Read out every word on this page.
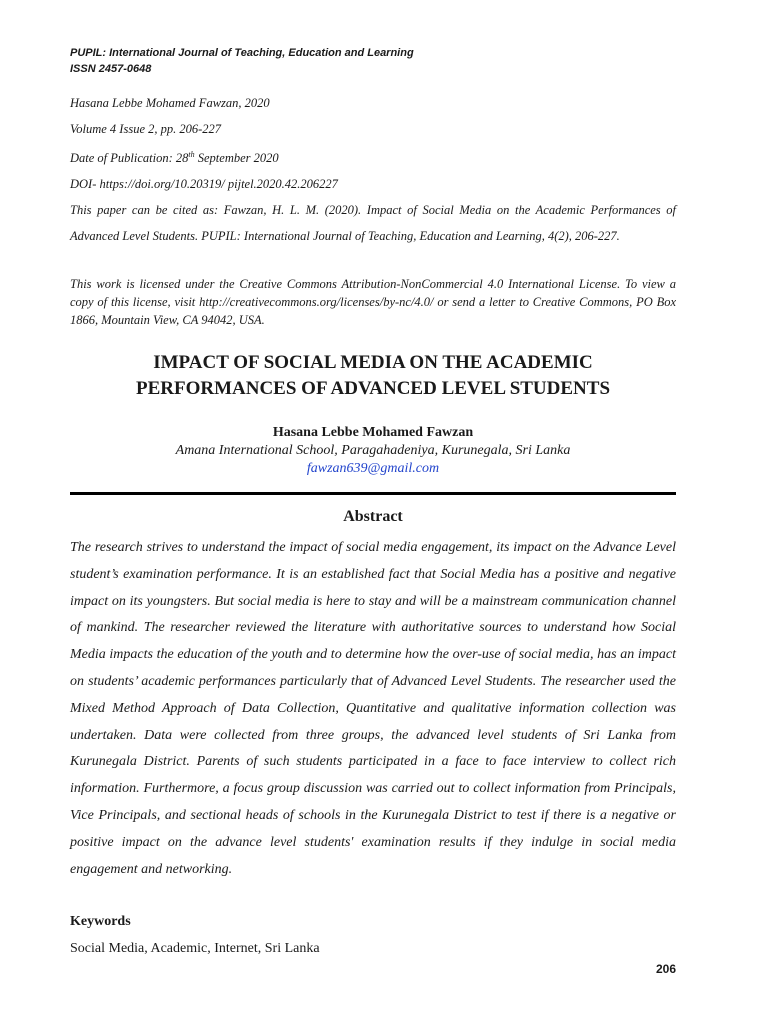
PUPIL: International Journal of Teaching, Education and Learning
ISSN 2457-0648
Hasana Lebbe Mohamed Fawzan, 2020
Volume 4 Issue 2, pp. 206-227
Date of Publication: 28th September 2020
DOI- https://doi.org/10.20319/ pijtel.2020.42.206227
This paper can be cited as: Fawzan, H. L. M. (2020). Impact of Social Media on the Academic Performances of Advanced Level Students. PUPIL: International Journal of Teaching, Education and Learning, 4(2), 206-227.
This work is licensed under the Creative Commons Attribution-NonCommercial 4.0 International License. To view a copy of this license, visit http://creativecommons.org/licenses/by-nc/4.0/ or send a letter to Creative Commons, PO Box 1866, Mountain View, CA 94042, USA.
IMPACT OF SOCIAL MEDIA ON THE ACADEMIC
PERFORMANCES OF ADVANCED LEVEL STUDENTS
Hasana Lebbe Mohamed Fawzan
Amana International School, Paragahadeniya, Kurunegala, Sri Lanka
fawzan639@gmail.com
Abstract
The research strives to understand the impact of social media engagement, its impact on the Advance Level student’s examination performance. It is an established fact that Social Media has a positive and negative impact on its youngsters. But social media is here to stay and will be a mainstream communication channel of mankind. The researcher reviewed the literature with authoritative sources to understand how Social Media impacts the education of the youth and to determine how the over-use of social media, has an impact on students’ academic performances particularly that of Advanced Level Students. The researcher used the Mixed Method Approach of Data Collection, Quantitative and qualitative information collection was undertaken. Data were collected from three groups, the advanced level students of Sri Lanka from Kurunegala District. Parents of such students participated in a face to face interview to collect rich information. Furthermore, a focus group discussion was carried out to collect information from Principals, Vice Principals, and sectional heads of schools in the Kurunegala District to test if there is a negative or positive impact on the advance level students' examination results if they indulge in social media engagement and networking.
Keywords
Social Media, Academic, Internet, Sri Lanka
206
